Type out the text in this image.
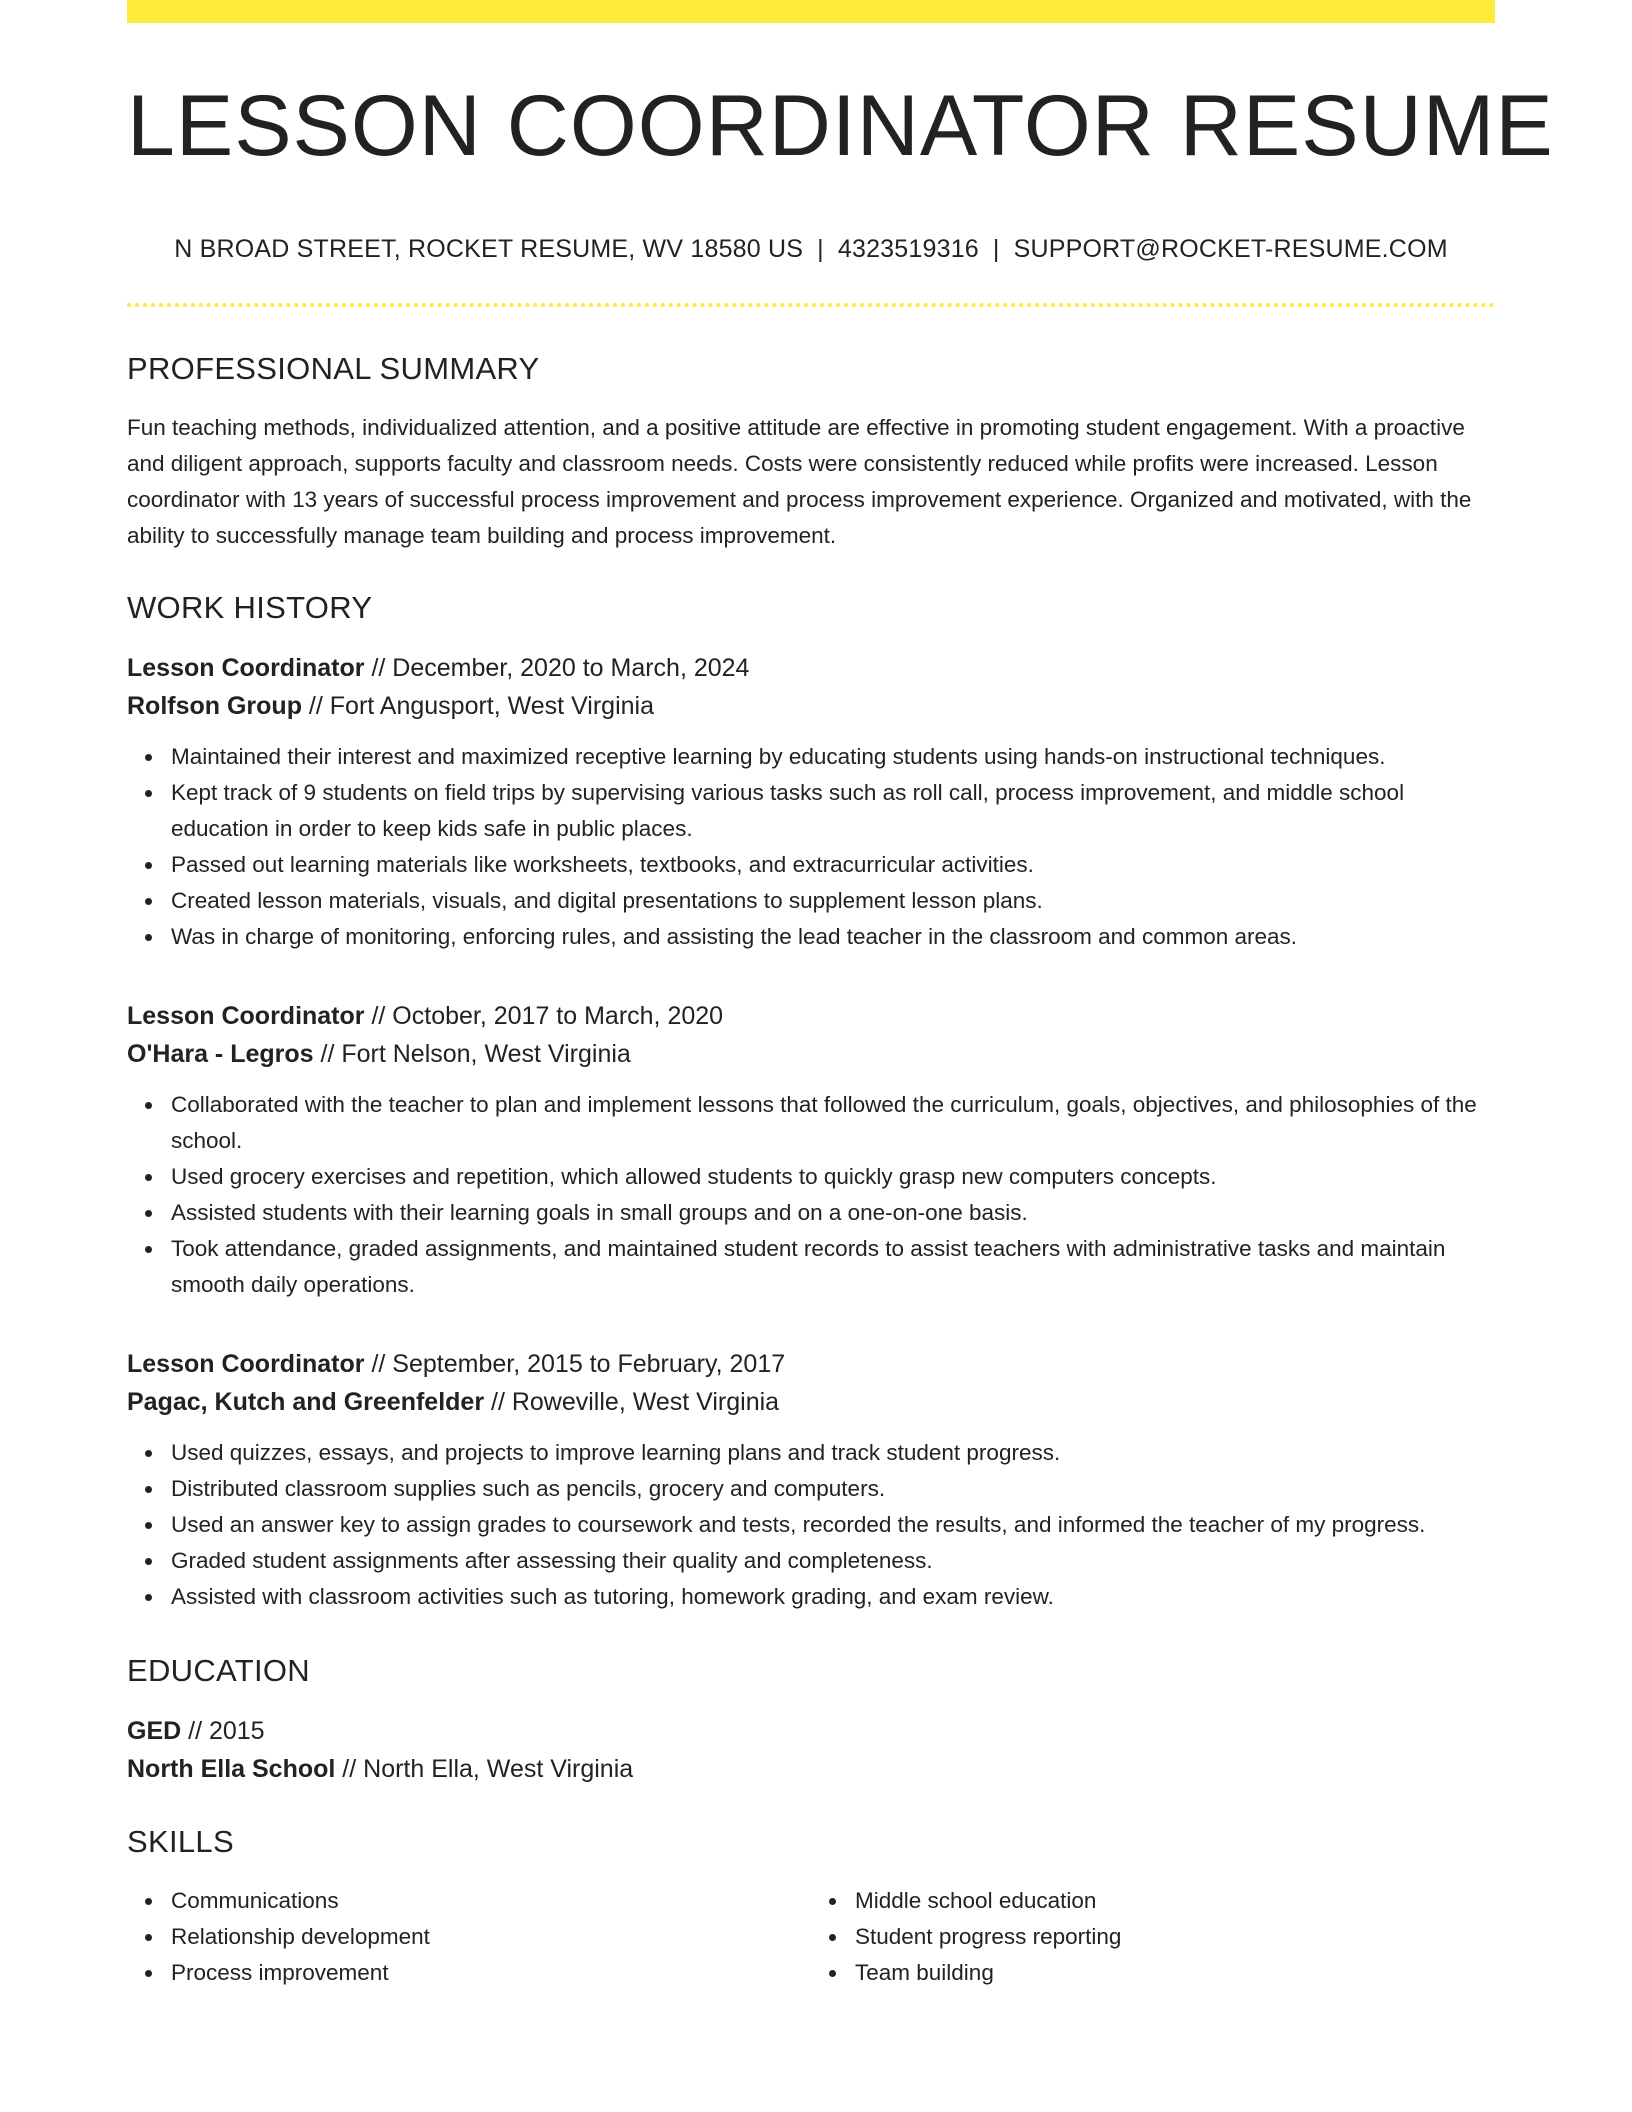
LESSON COORDINATOR RESUME
N BROAD STREET, ROCKET RESUME, WV 18580 US | 4323519316 | SUPPORT@ROCKET-RESUME.COM
PROFESSIONAL SUMMARY

Fun teaching methods, individualized attention, and a positive attitude are effective in promoting student engagement. With a proactive and diligent approach, supports faculty and classroom needs. Costs were consistently reduced while profits were increased. Lesson coordinator with 13 years of successful process improvement and process improvement experience. Organized and motivated, with the ability to successfully manage team building and process improvement.

WORK HISTORY
Lesson Coordinator // December, 2020 to March, 2024
Rolfson Group // Fort Angusport, West Virginia
Maintained their interest and maximized receptive learning by educating students using hands-on instructional techniques.
Kept track of 9 students on field trips by supervising various tasks such as roll call, process improvement, and middle school education in order to keep kids safe in public places.
Passed out learning materials like worksheets, textbooks, and extracurricular activities.
Created lesson materials, visuals, and digital presentations to supplement lesson plans.
Was in charge of monitoring, enforcing rules, and assisting the lead teacher in the classroom and common areas.
Lesson Coordinator // October, 2017 to March, 2020
O'Hara - Legros // Fort Nelson, West Virginia
Collaborated with the teacher to plan and implement lessons that followed the curriculum, goals, objectives, and philosophies of the school.
Used grocery exercises and repetition, which allowed students to quickly grasp new computers concepts.
Assisted students with their learning goals in small groups and on a one-on-one basis.
Took attendance, graded assignments, and maintained student records to assist teachers with administrative tasks and maintain smooth daily operations.
Lesson Coordinator // September, 2015 to February, 2017
Pagac, Kutch and Greenfelder // Roweville, West Virginia
Used quizzes, essays, and projects to improve learning plans and track student progress.
Distributed classroom supplies such as pencils, grocery and computers.
Used an answer key to assign grades to coursework and tests, recorded the results, and informed the teacher of my progress.
Graded student assignments after assessing their quality and completeness.
Assisted with classroom activities such as tutoring, homework grading, and exam review.
EDUCATION
GED // 2015
North Ella School // North Ella, West Virginia
SKILLS
Communications
Relationship development
Process improvement
Middle school education
Student progress reporting
Team building
